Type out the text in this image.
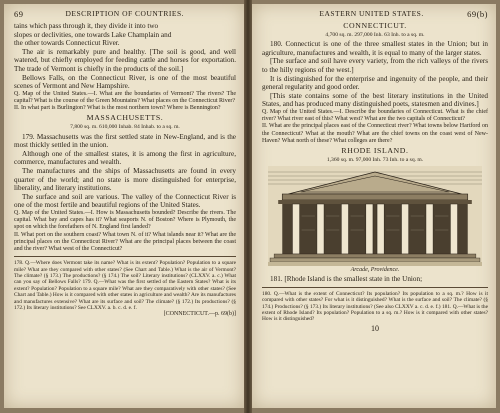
69	DESCRIPTION OF COUNTRIES.
tains which pass through it, they divide it into two
slopes or declivities, one towards Lake Champlain and
the other towards Connecticut River.

The air is remarkably pure and healthy. [The soil is good, and well watered, but chiefly employed for feeding cattle and horses for exportation. The trade of Vermont is chiefly in the products of the soil.]

Bellows Falls, on the Connecticut River, is one of the most beautiful scenes of Vermont and New Hampshire.

Q. Map of the United States.—I. What are the boundaries of Vermont? The rivers? The capital? What is the course of the Green Mountains? What places on the Connecticut River?
II. In what part is Burlington? What is the most northern town? Where is Bennington?
MASSACHUSETTS.
7,800 sq. m. 610,000 Inhab. 84 Inhab. to a sq. m.

179. Massachusetts was the first settled state in New-England, and is the most thickly settled in the union.

Although one of the smallest states, it is among the first in agriculture, commerce, manufactures and wealth.

The manufactures and the ships of Massachusetts are found in every quarter of the world; and no state is more distinguished for enterprise, liberality, and literary institutions.

The surface and soil are various. The valley of the Connecticut River is one of the most fertile and beautiful regions of the United States.

Q. Map of the United States.—I. How is Massachusetts bounded? Describe the rivers. The capital. What bay and capes has it? What seaports N. of Boston? Where is Plymouth, the spot on which the forefathers of N. England first landed?
II. What port on the southern coast? What town N. of it? What islands near it? What are the principal places on the Connecticut River? What are the principal places between the coast and the river? What west of the Connecticut?
178. Q.—Where does Vermont take its name? What is its extent? Population? Population to a square mile? What are they compared with other states? (See Chart and Table.) What is the air of Vermont? The climate? (§ 173.) The productions? (§ 174.) The soil? Literary institutions? (CLXXV. a. c.) What can you say of Bellows Falls? 179. Q.—What was the first settled of the Eastern States? What is its extent? Population? Population to a square mile? What are they comparatively with other states? (See Chart and Table.) How is it compared with other states in agriculture and wealth? Are its manufactures and manufactures extensive? What are its surface and soil? The climate? (§ 172.) Its productions? (§ 172.) Its literary institutions? See CLXXV. a. b. c. d. e. f.
[CONNECTICUT.—p. 69(b)]
EASTERN UNITED STATES.	69(b)
CONNECTICUT.
4,700 sq. m. 297,000 Inh. 63 Inh. to a sq. m.

180. Connecticut is one of the three smallest states in the Union; but in agriculture, manufactures and wealth, it is equal to many of the larger states.

[The surface and soil have every variety, from the rich valleys of the rivers to the hilly regions of the west.]

It is distinguished for the enterprise and ingenuity of the people, and their general regularity and good order.

[This state contains some of the best literary institutions in the United States, and has produced many distinguished poets, statesmen and divines.]

Q. Map of the United States.—I. Describe the boundaries of Connecticut. What is the chief river? What river east of this? What west? What are the two capitals of Connecticut?
II. What are the principal places east of the Connecticut river? What towns below Hartford on the Connecticut? What at the mouth? What are the chief towns on the coast west of New-Haven? What north of these? What colleges are there?
RHODE ISLAND.
1,360 sq. m. 97,000 Inh. 73 Inh. to a sq. m.
Arcade, Providence.

181. [Rhode Island is the smallest state in the Union;

180. Q.—What is the extent of Connecticut? Its population? Its population to a sq. m.? How is it compared with other states? For what is it distinguished? What is the surface and soil? The climate? (§ 174.) Productions? (§ 173.) Its literary institutions? (See also CLXXV a. c. d. e. f.) 181. Q.—What is the extent of Rhode Island? Its population? Population to a sq. m.? How is it compared with other states? How is it distinguished?
10
